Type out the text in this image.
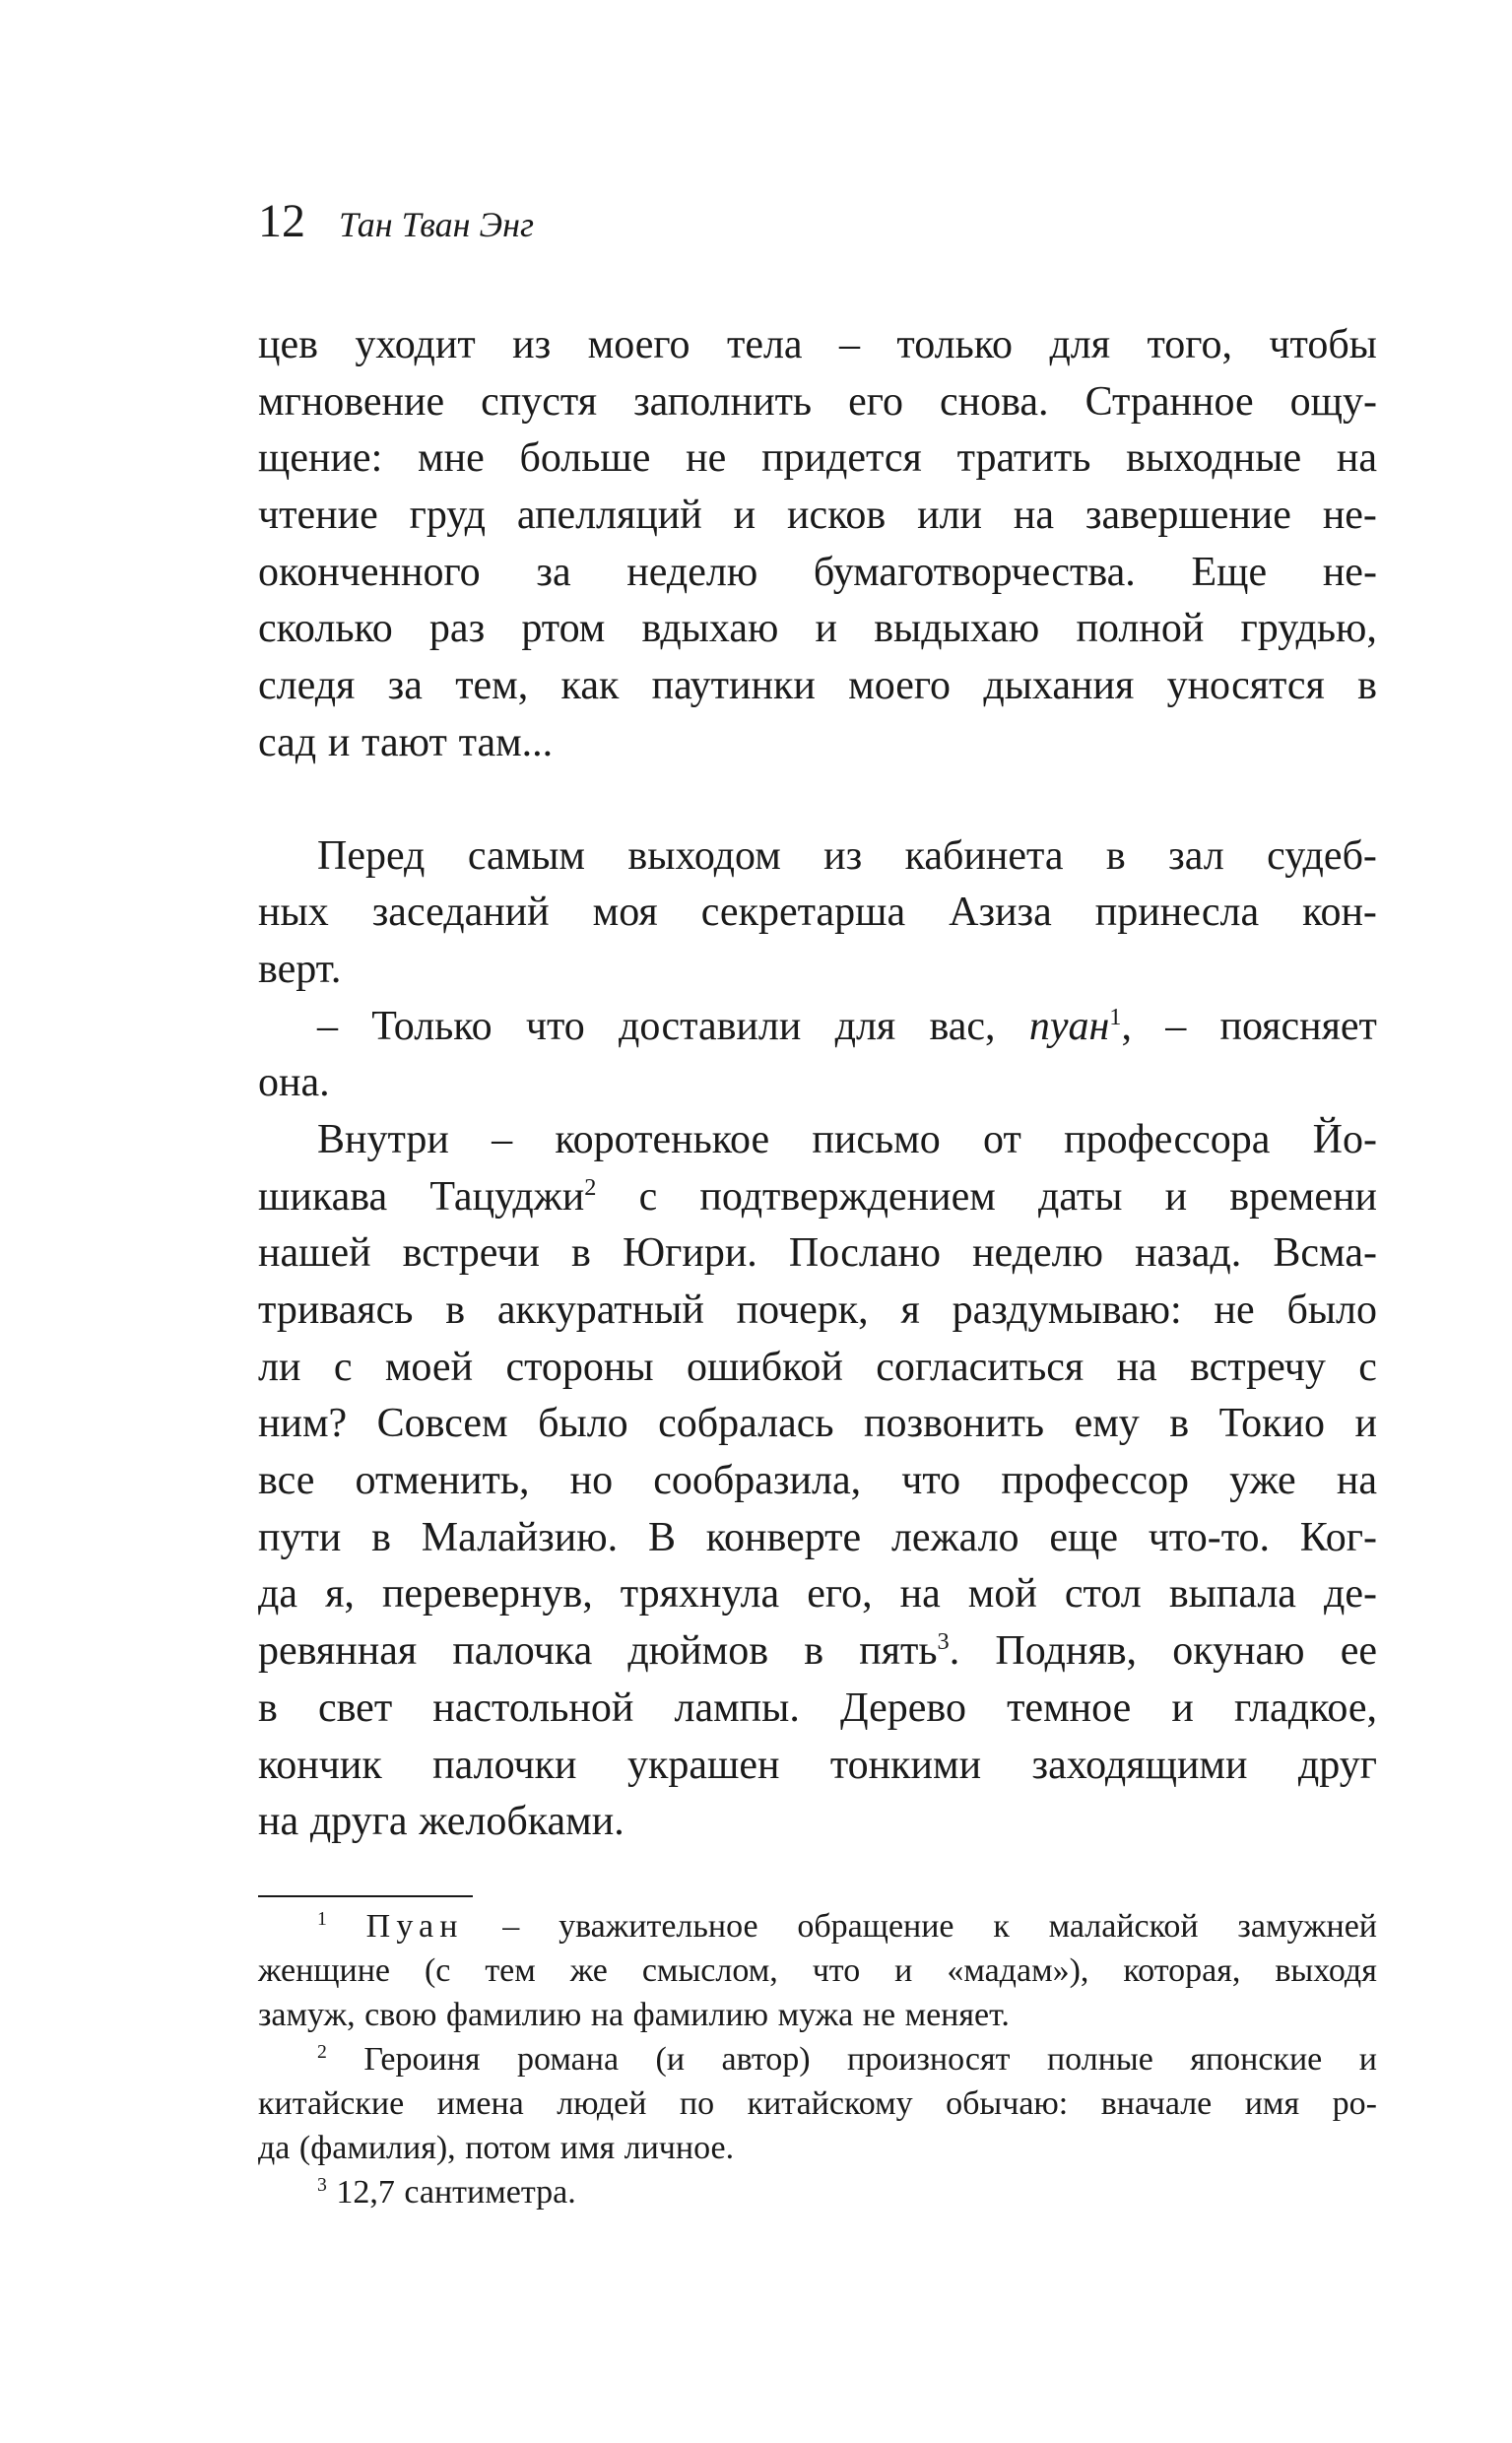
12 Тан Тван Энг
цев уходит из моего тела – только для того, чтобы
мгновение спустя заполнить его снова. Странное ощу-
щение: мне больше не придется тратить выходные на
чтение груд апелляций и исков или на завершение не-
оконченного за неделю бумаготворчества. Еще не-
сколько раз ртом вдыхаю и выдыхаю полной грудью,
следя за тем, как паутинки моего дыхания уносятся в
сад и тают там...
Перед самым выходом из кабинета в зал судеб-
ных заседаний моя секретарша Азиза принесла кон-
верт.
– Только что доставили для вас, пуан$^1$, – поясняет
она.
Внутри – коротенькое письмо от профессора Йо-
шикава Тацуджи$^2$ с подтверждением даты и времени
нашей встречи в Югири. Послано неделю назад. Всма-
триваясь в аккуратный почерк, я раздумываю: не было
ли с моей стороны ошибкой согласиться на встречу с
ним? Совсем было собралась позвонить ему в Токио и
все отменить, но сообразила, что профессор уже на
пути в Малайзию. В конверте лежало еще что-то. Ког-
да я, перевернув, тряхнула его, на мой стол выпала де-
ревянная палочка дюймов в пять$^3$. Подняв, окунаю ее
в свет настольной лампы. Дерево темное и гладкое,
кончик палочки украшен тонкими заходящими друг
на друга желобками.
$^1$ Пуан – уважительное обращение к малайской замужней
женщине (с тем же смыслом, что и «мадам»), которая, выходя
замуж, свою фамилию на фамилию мужа не меняет.
$^2$ Героиня романа (и автор) произносят полные японские и
китайские имена людей по китайскому обычаю: вначале имя ро-
да (фамилия), потом имя личное.
$^3$ 12,7 сантиметра.
